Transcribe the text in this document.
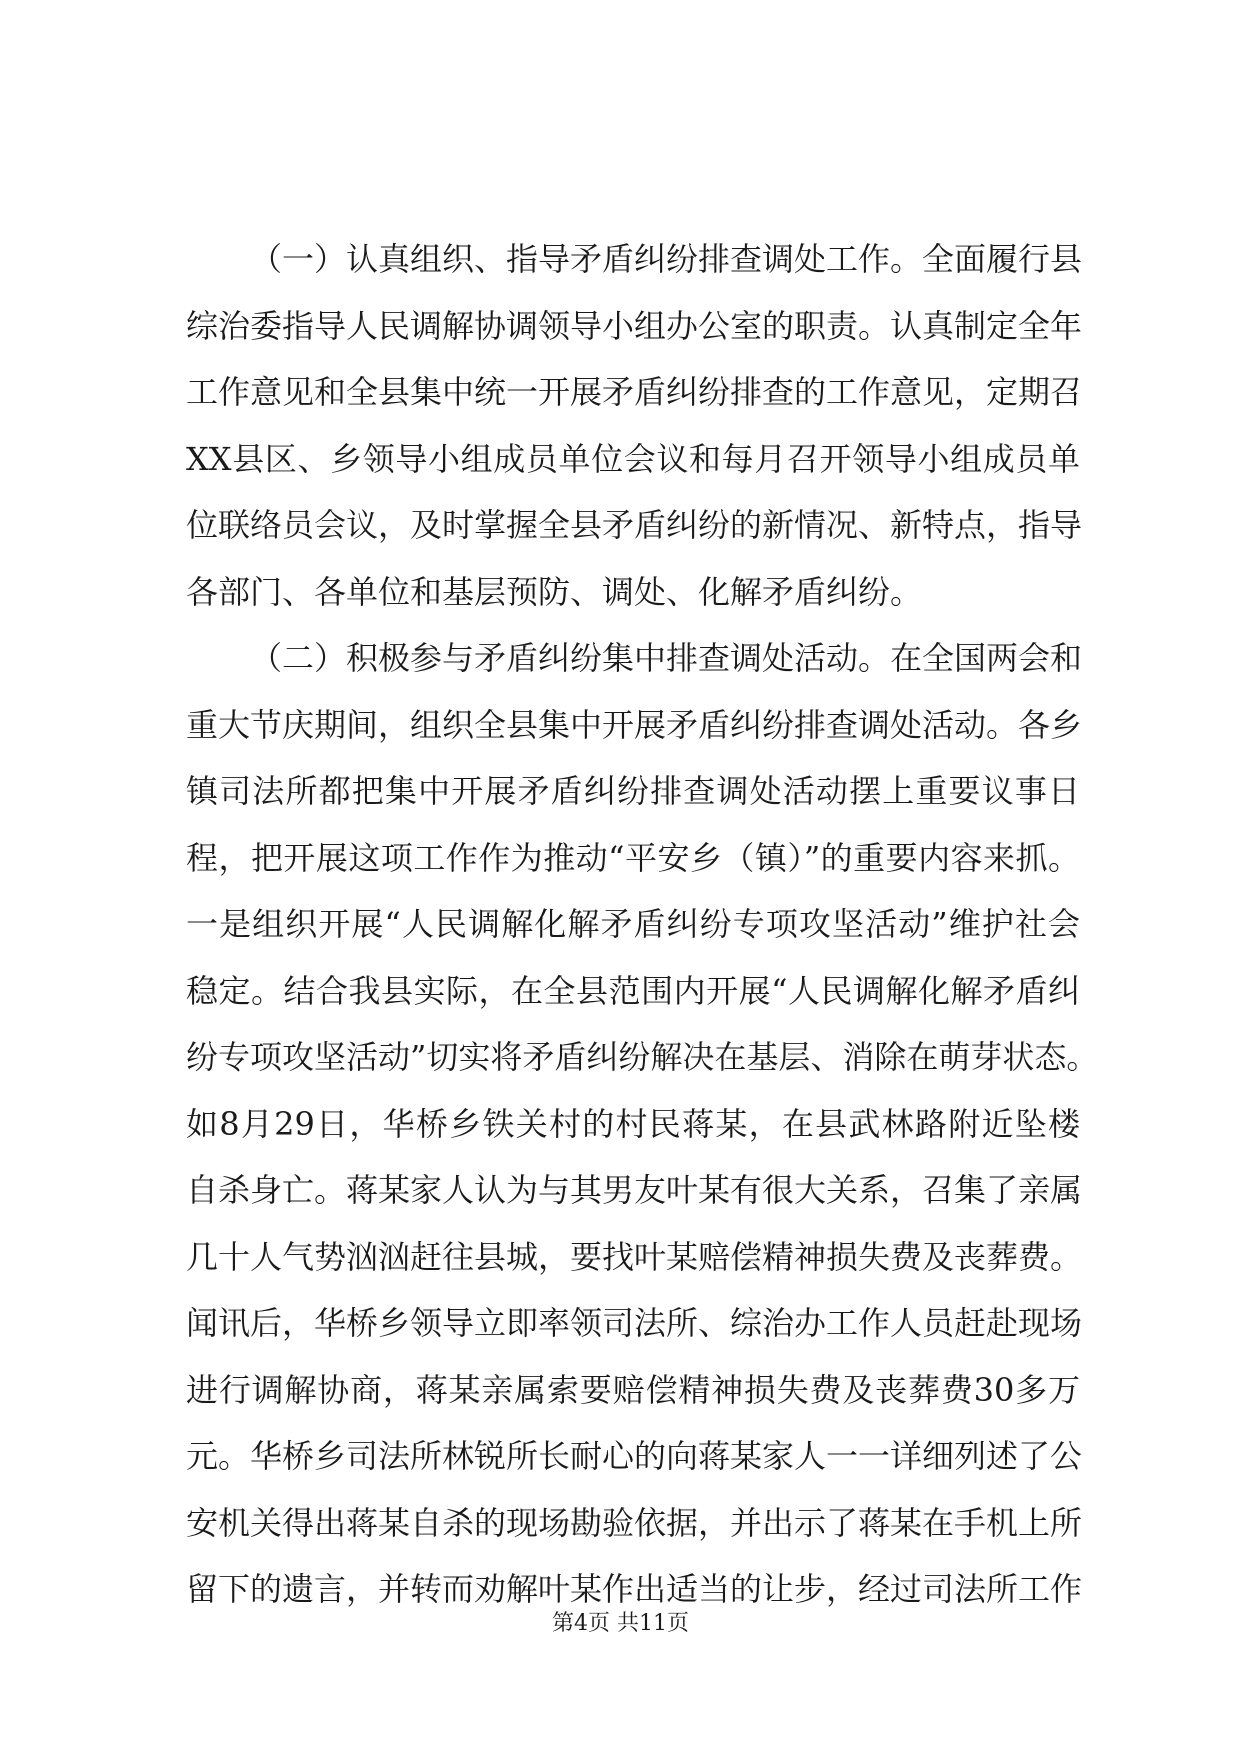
（一）认真组织、指导矛盾纠纷排查调处工作。全面履行县
综治委指导人民调解协调领导小组办公室的职责。认真制定全年
工作意见和全县集中统一开展矛盾纠纷排查的工作意见，定期召
XX县区、乡领导小组成员单位会议和每月召开领导小组成员单
位联络员会议，及时掌握全县矛盾纠纷的新情况、新特点，指导
各部门、各单位和基层预防、调处、化解矛盾纠纷。
（二）积极参与矛盾纠纷集中排查调处活动。在全国两会和
重大节庆期间，组织全县集中开展矛盾纠纷排查调处活动。各乡
镇司法所都把集中开展矛盾纠纷排查调处活动摆上重要议事日
程，把开展这项工作作为推动“平安乡（镇）”的重要内容来抓。
一是组织开展“人民调解化解矛盾纠纷专项攻坚活动”维护社会
稳定。结合我县实际，在全县范围内开展“人民调解化解矛盾纠
纷专项攻坚活动”切实将矛盾纠纷解决在基层、消除在萌芽状态。
如8月29日，华桥乡铁关村的村民蒋某，在县武林路附近坠楼
自杀身亡。蒋某家人认为与其男友叶某有很大关系，召集了亲属
几十人气势汹汹赶往县城，要找叶某赔偿精神损失费及丧葬费。
闻讯后，华桥乡领导立即率领司法所、综治办工作人员赶赴现场
进行调解协商，蒋某亲属索要赔偿精神损失费及丧葬费30多万
元。华桥乡司法所林锐所长耐心的向蒋某家人一一详细列述了公
安机关得出蒋某自杀的现场勘验依据，并出示了蒋某在手机上所
留下的遗言，并转而劝解叶某作出适当的让步，经过司法所工作
第4页 共11页
